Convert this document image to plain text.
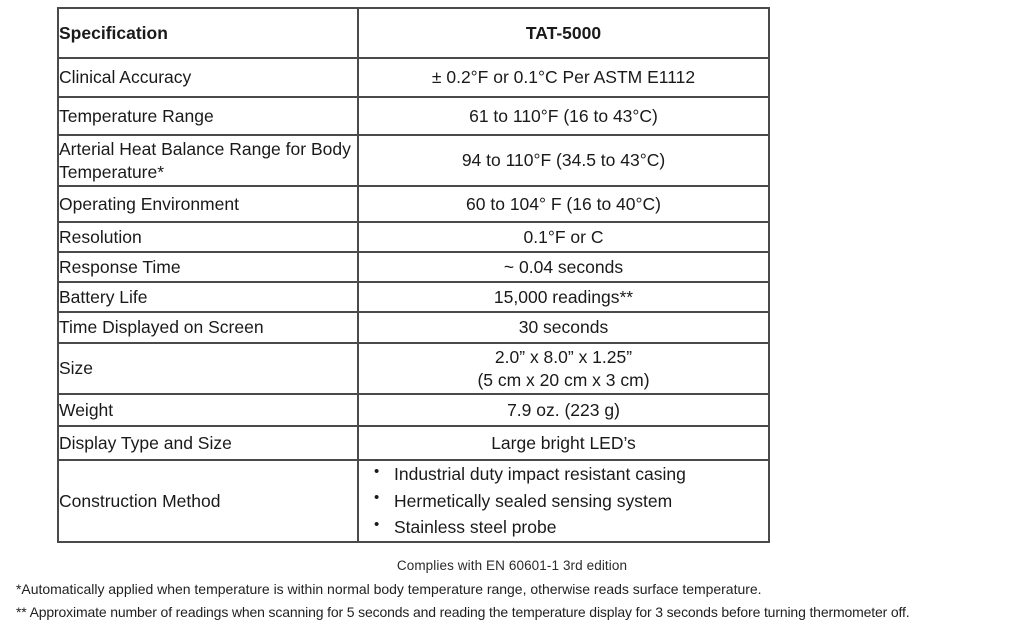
Specification	TAT-5000
Clinical Accuracy	± 0.2°F or 0.1°C Per ASTM E1112
Temperature Range	61 to 110°F (16 to 43°C)
Arterial Heat Balance Range for Body Temperature*	94 to 110°F (34.5 to 43°C)
Operating Environment	60 to 104° F (16 to 40°C)
Resolution	0.1°F or C
Response Time	~ 0.04 seconds
Battery Life	15,000 readings**
Time Displayed on Screen	30 seconds
Size	2.0” x 8.0” x 1.25”
(5 cm x 20 cm x 3 cm)

Weight	7.9 oz. (223 g)
Display Type and Size	Large bright LED’s
Construction Method	
• Industrial duty impact resistant casing
• Hermetically sealed sensing system
• Stainless steel probe
Complies with EN 60601-1 3rd edition
*Automatically applied when temperature is within normal body temperature range, otherwise reads surface temperature.
** Approximate number of readings when scanning for 5 seconds and reading the temperature display for 3 seconds before turning thermometer off.
